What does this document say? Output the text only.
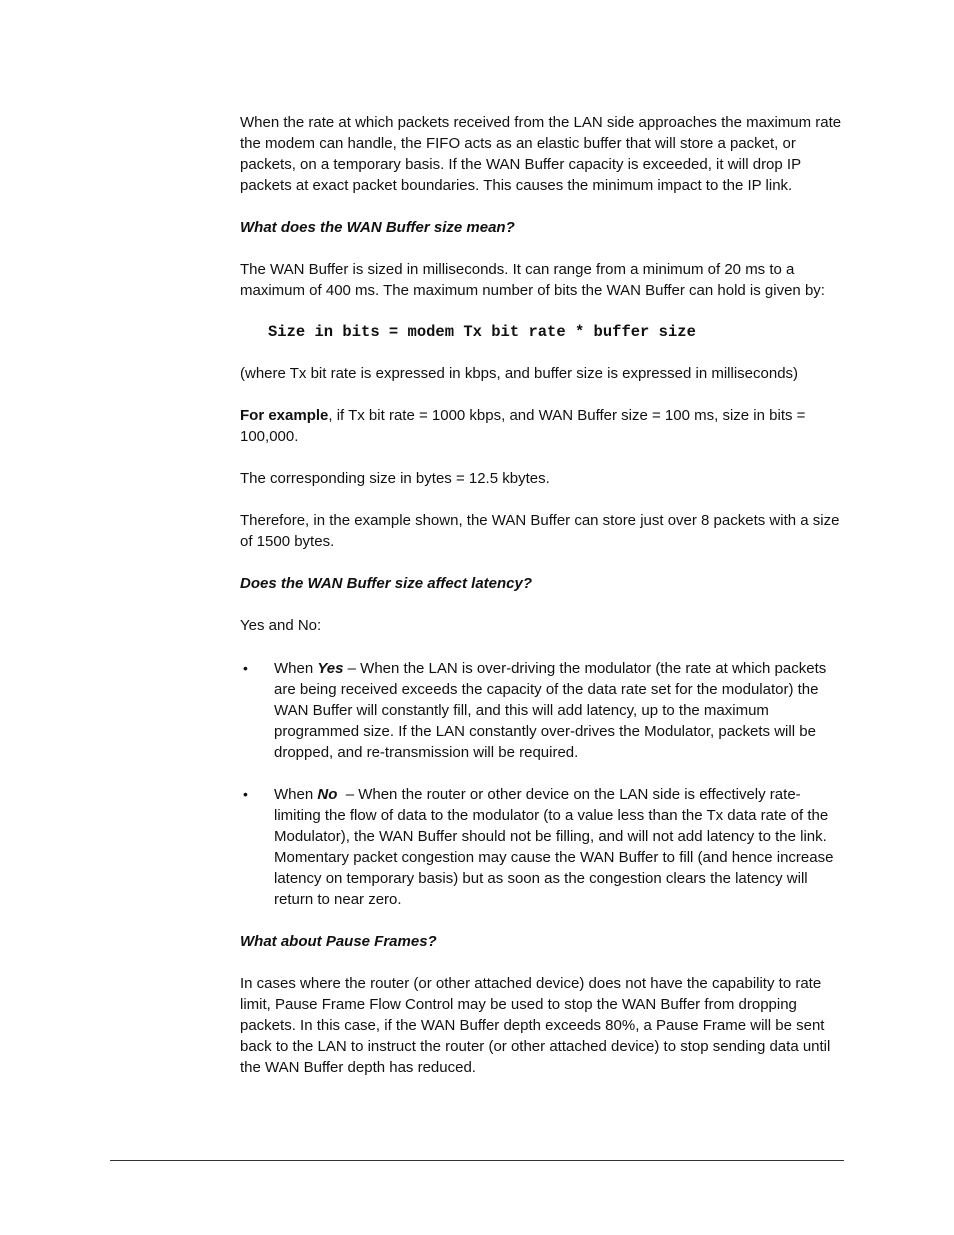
When the rate at which packets received from the LAN side approaches the maximum rate the modem can handle, the FIFO acts as an elastic buffer that will store a packet, or packets, on a temporary basis. If the WAN Buffer capacity is exceeded, it will drop IP packets at exact packet boundaries. This causes the minimum impact to the IP link.

What does the WAN Buffer size mean?

The WAN Buffer is sized in milliseconds. It can range from a minimum of 20 ms to a maximum of 400 ms. The maximum number of bits the WAN Buffer can hold is given by:

Size in bits = modem Tx bit rate * buffer size

(where Tx bit rate is expressed in kbps, and buffer size is expressed in milliseconds)

For example, if Tx bit rate = 1000 kbps, and WAN Buffer size = 100 ms, size in bits = 100,000.

The corresponding size in bytes = 12.5 kbytes.

Therefore, in the example shown, the WAN Buffer can store just over 8 packets with a size of 1500 bytes.

Does the WAN Buffer size affect latency?

Yes and No:

• When Yes – When the LAN is over-driving the modulator (the rate at which packets are being received exceeds the capacity of the data rate set for the modulator) the WAN Buffer will constantly fill, and this will add latency, up to the maximum programmed size. If the LAN constantly over-drives the Modulator, packets will be dropped, and re-transmission will be required.
• When No  – When the router or other device on the LAN side is effectively rate-limiting the flow of data to the modulator (to a value less than the Tx data rate of the Modulator), the WAN Buffer should not be filling, and will not add latency to the link. Momentary packet congestion may cause the WAN Buffer to fill (and hence increase latency on temporary basis) but as soon as the congestion clears the latency will return to near zero.
What about Pause Frames?

In cases where the router (or other attached device) does not have the capability to rate limit, Pause Frame Flow Control may be used to stop the WAN Buffer from dropping packets. In this case, if the WAN Buffer depth exceeds 80%, a Pause Frame will be sent back to the LAN to instruct the router (or other attached device) to stop sending data until the WAN Buffer depth has reduced.
